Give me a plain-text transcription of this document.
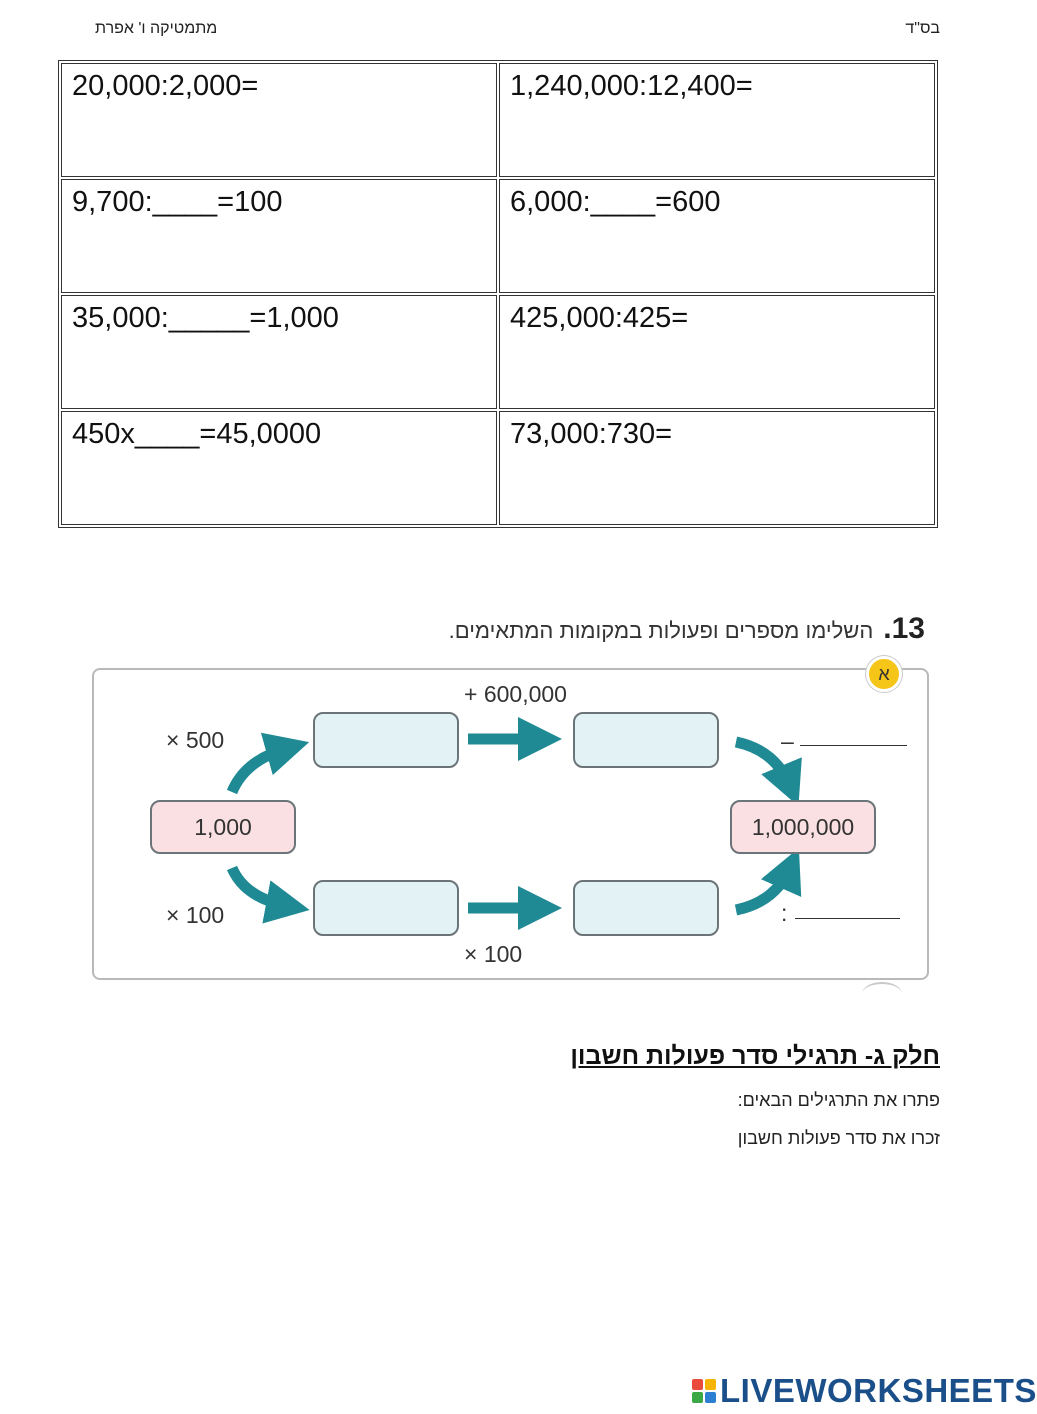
בס"ד
מתמטיקה ו' אפרת
20,000:2,000=	1,240,000:12,400=
9,700:____=100	6,000:____=600
35,000:_____=1,000	425,000:425=
450x____=45,0000	73,000:730=
13.
השלימו מספרים ופעולות במקומות המתאימים.
א
1,000	1,000,000
× 500
+ 600,000
–
× 100
× 100
:
חלק ג- תרגילי סדר פעולות חשבון
פתרו את התרגילים הבאים:
זכרו את סדר פעולות חשבון
LIVEWORKSHEETS
